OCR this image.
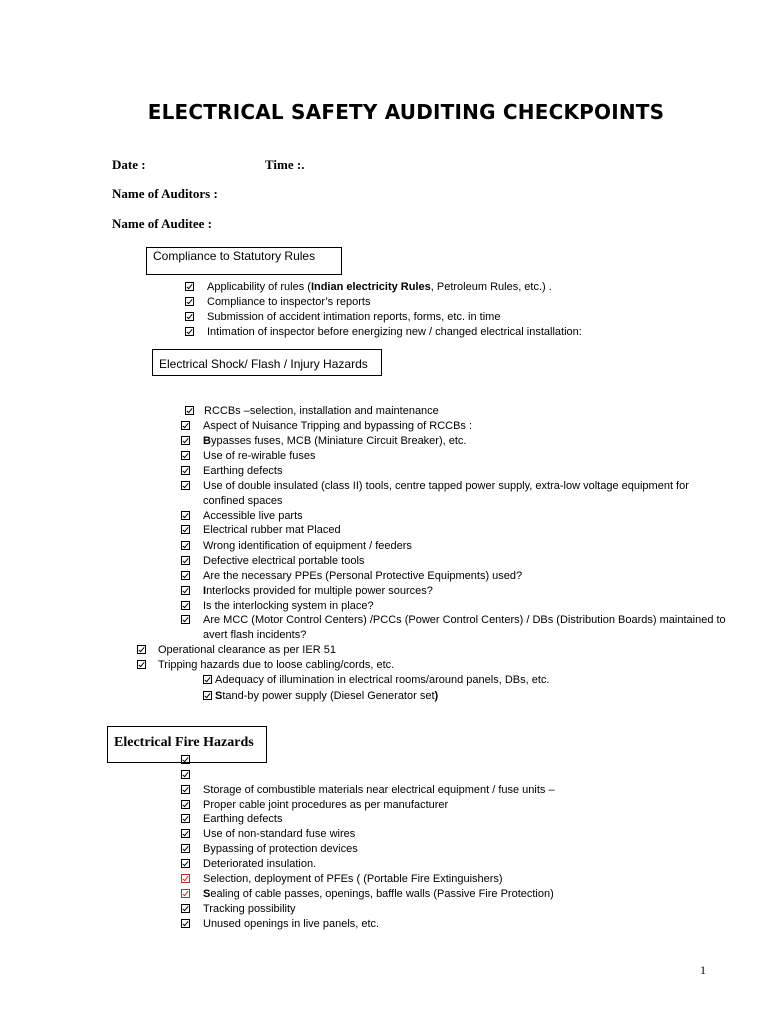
ELECTRICAL SAFETY AUDITING CHECKPOINTS
Date :	Time :.
Name of Auditors :
Name of Auditee :
Compliance to Statutory Rules
Applicability of rules (Indian electricity Rules, Petroleum Rules, etc.) .
Compliance to inspector’s reports
Submission of accident intimation reports, forms, etc. in time
Intimation of inspector before energizing new / changed electrical installation:
Electrical Shock/ Flash / Injury Hazards
RCCBs –selection, installation and maintenance
Aspect of Nuisance Tripping and bypassing of RCCBs :
Bypasses fuses, MCB (Miniature Circuit Breaker), etc.
Use of re-wirable fuses
Earthing defects
Use of double insulated (class II) tools, centre tapped power supply, extra-low voltage equipment for
confined spaces
Accessible live parts
Electrical rubber mat Placed
Wrong identification of equipment / feeders
Defective electrical portable tools
Are the necessary PPEs (Personal Protective Equipments) used?
Interlocks provided for multiple power sources?
Is the interlocking system in place?
Are MCC (Motor Control Centers) /PCCs (Power Control Centers) / DBs (Distribution Boards) maintained to
avert flash incidents?
Operational clearance as per IER 51
Tripping hazards due to loose cabling/cords, etc.
Adequacy of illumination in electrical rooms/around panels, DBs, etc.
Stand-by power supply (Diesel Generator set)
Electrical Fire Hazards
Storage of combustible materials near electrical equipment / fuse units –
Proper cable joint procedures as per manufacturer
Earthing defects
Use of non-standard fuse wires
Bypassing of protection devices
Deteriorated insulation.
Selection, deployment of PFEs ( (Portable Fire Extinguishers)
Sealing of cable passes, openings, baffle walls (Passive Fire Protection)
Tracking possibility
Unused openings in live panels, etc.
1
